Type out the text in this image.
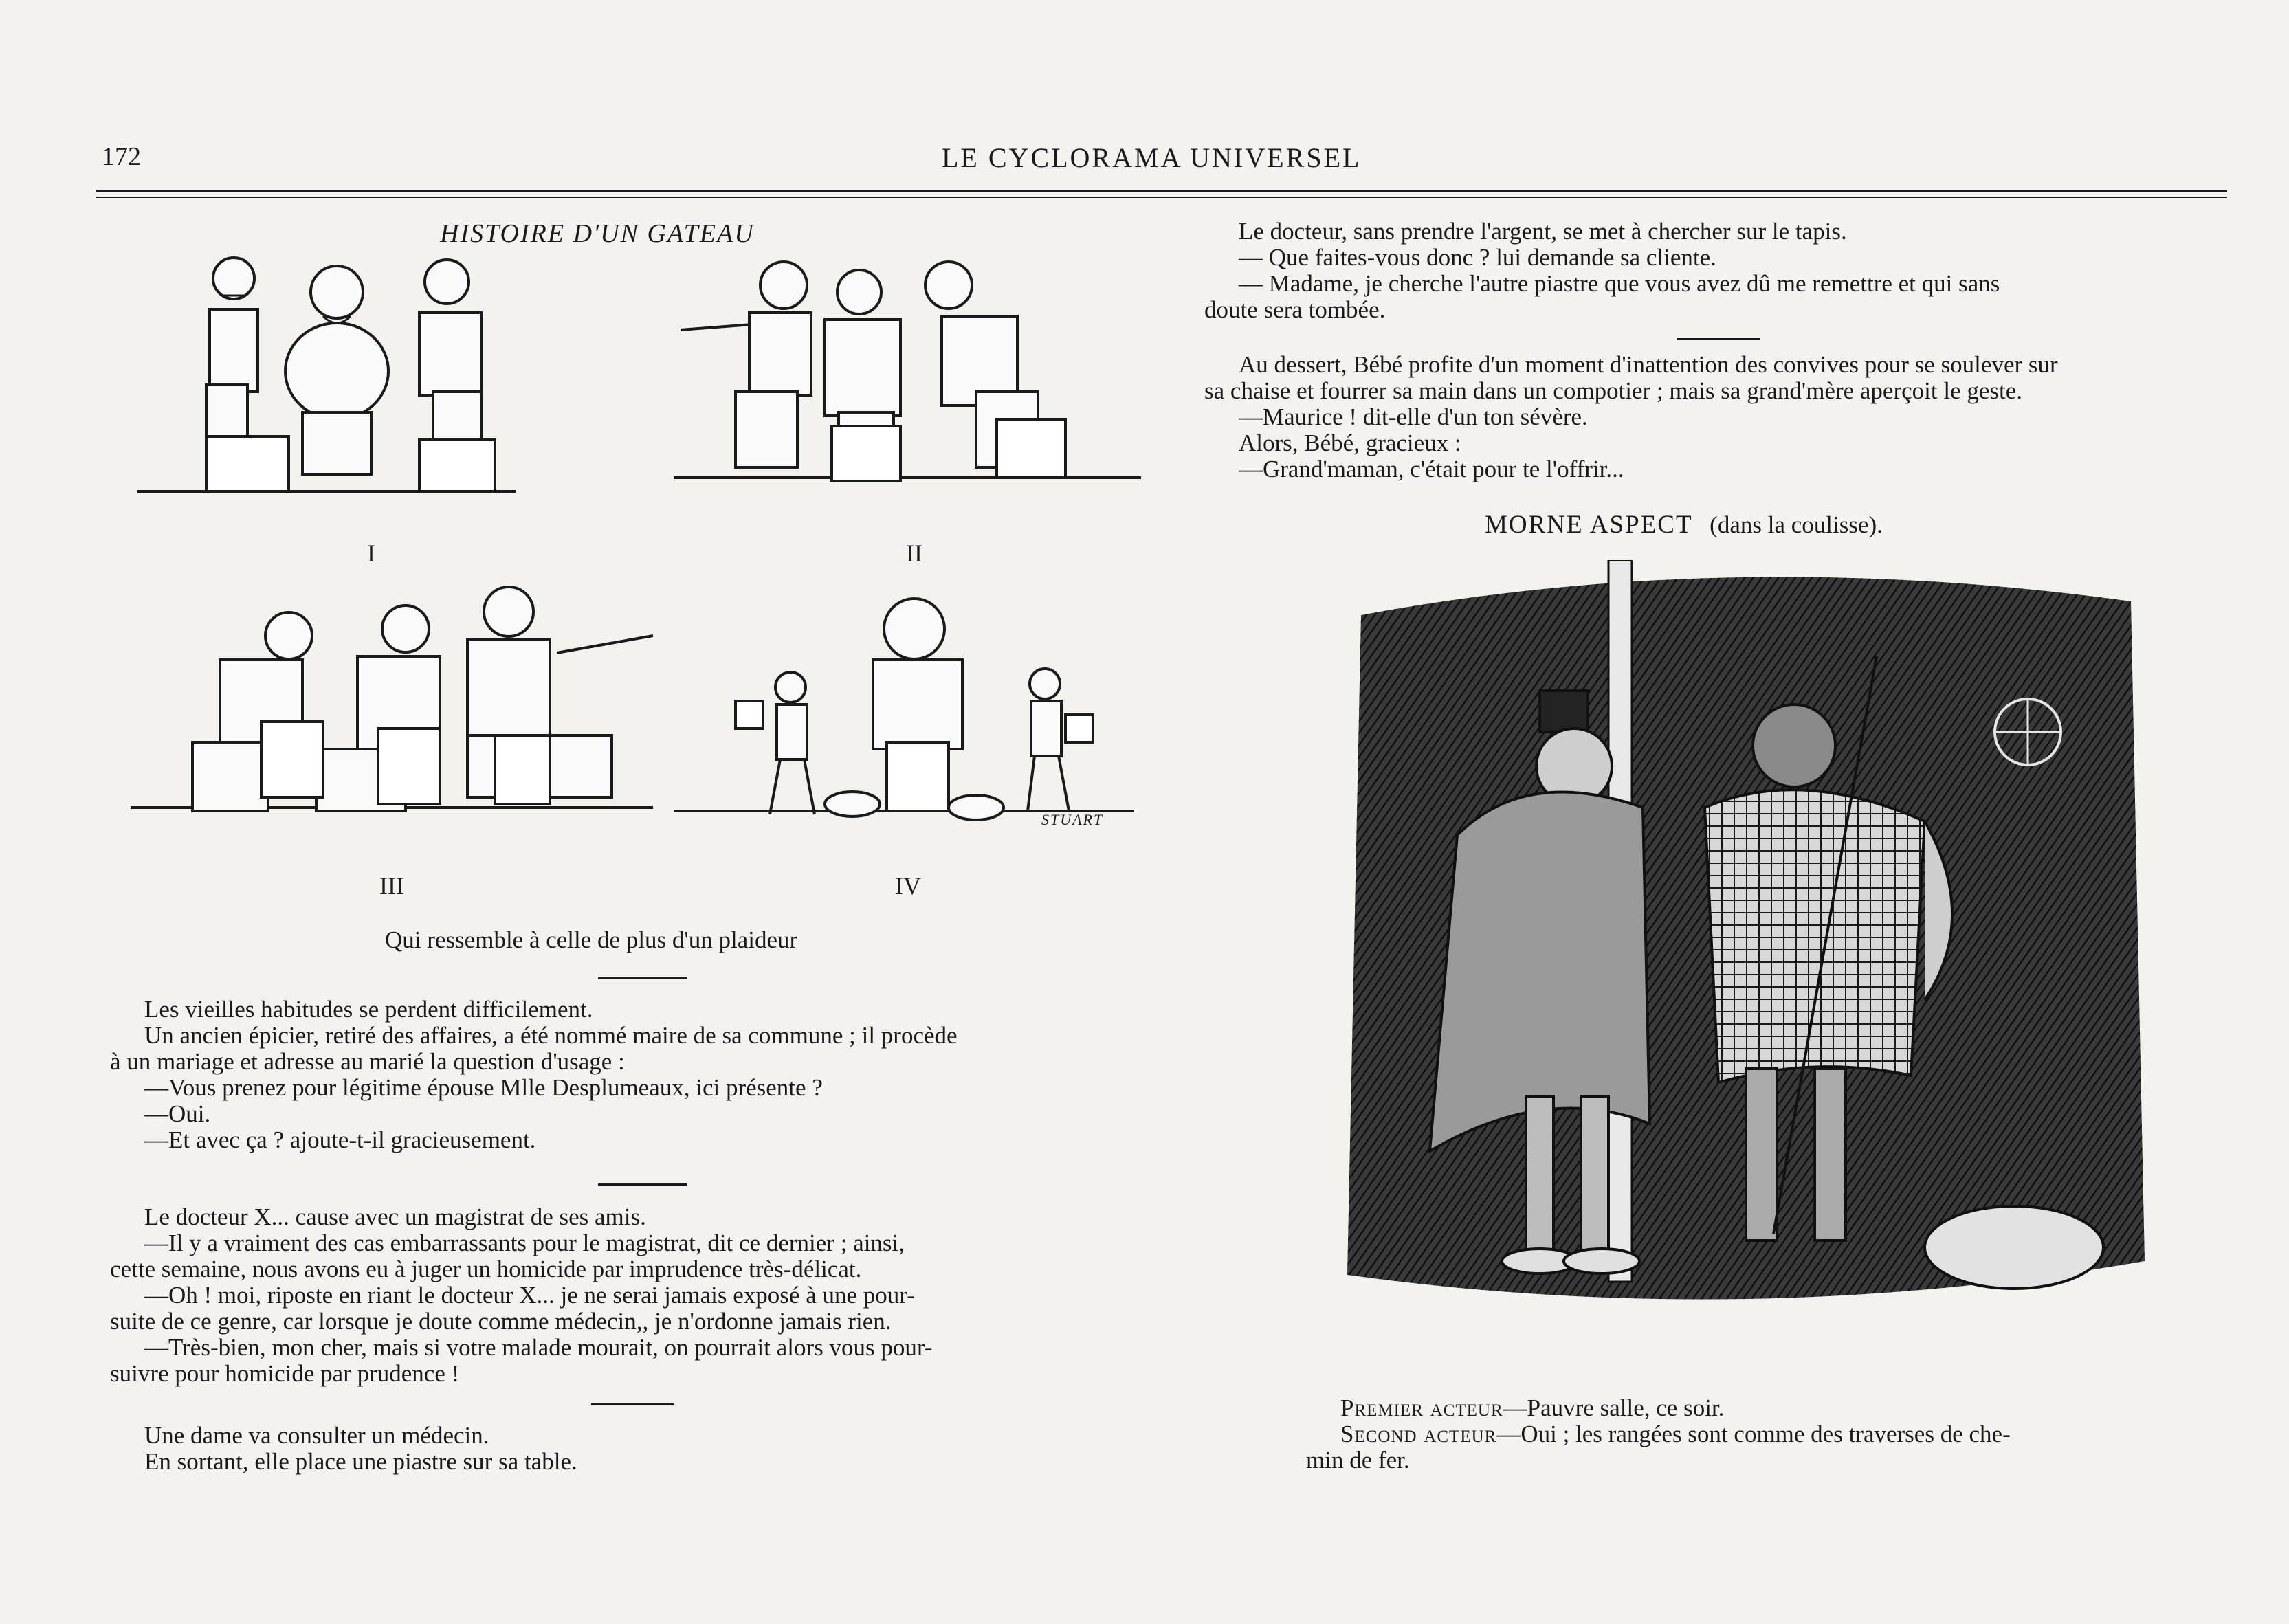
172	LE CYCLORAMA UNIVERSEL
HISTOIRE D'UN GATEAU
I	II
III	IV
STUART
Qui ressemble à celle de plus d'un plaideur

Les vieilles habitudes se perdent difficilement.

Un ancien épicier, retiré des affaires, a été nommé maire de sa commune ; il procède

à un mariage et adresse au marié la question d'usage :

—Vous prenez pour légitime épouse Mlle Desplumeaux, ici présente ?

—Oui.

—Et avec ça ? ajoute-t-il gracieusement.

Le docteur X... cause avec un magistrat de ses amis.

—Il y a vraiment des cas embarrassants pour le magistrat, dit ce dernier ; ainsi,

cette semaine, nous avons eu à juger un homicide par imprudence très-délicat.

—Oh ! moi, riposte en riant le docteur X... je ne serai jamais exposé à une pour-

suite de ce genre, car lorsque je doute comme médecin,, je n'ordonne jamais rien.

—Très-bien, mon cher, mais si votre malade mourait, on pourrait alors vous pour-

suivre pour homicide par prudence !

Une dame va consulter un médecin.

En sortant, elle place une piastre sur sa table.

Le docteur, sans prendre l'argent, se met à chercher sur le tapis.

— Que faites-vous donc ? lui demande sa cliente.

— Madame, je cherche l'autre piastre que vous avez dû me remettre et qui sans

doute sera tombée.

Au dessert, Bébé profite d'un moment d'inattention des convives pour se soulever sur

sa chaise et fourrer sa main dans un compotier ; mais sa grand'mère aperçoit le geste.

—Maurice ! dit-elle d'un ton sévère.

Alors, Bébé, gracieux :

—Grand'maman, c'était pour te l'offrir...

MORNE ASPECT (dans la coulisse).

Premier acteur—Pauvre salle, ce soir.

Second acteur—Oui ; les rangées sont comme des traverses de che-

min de fer.
